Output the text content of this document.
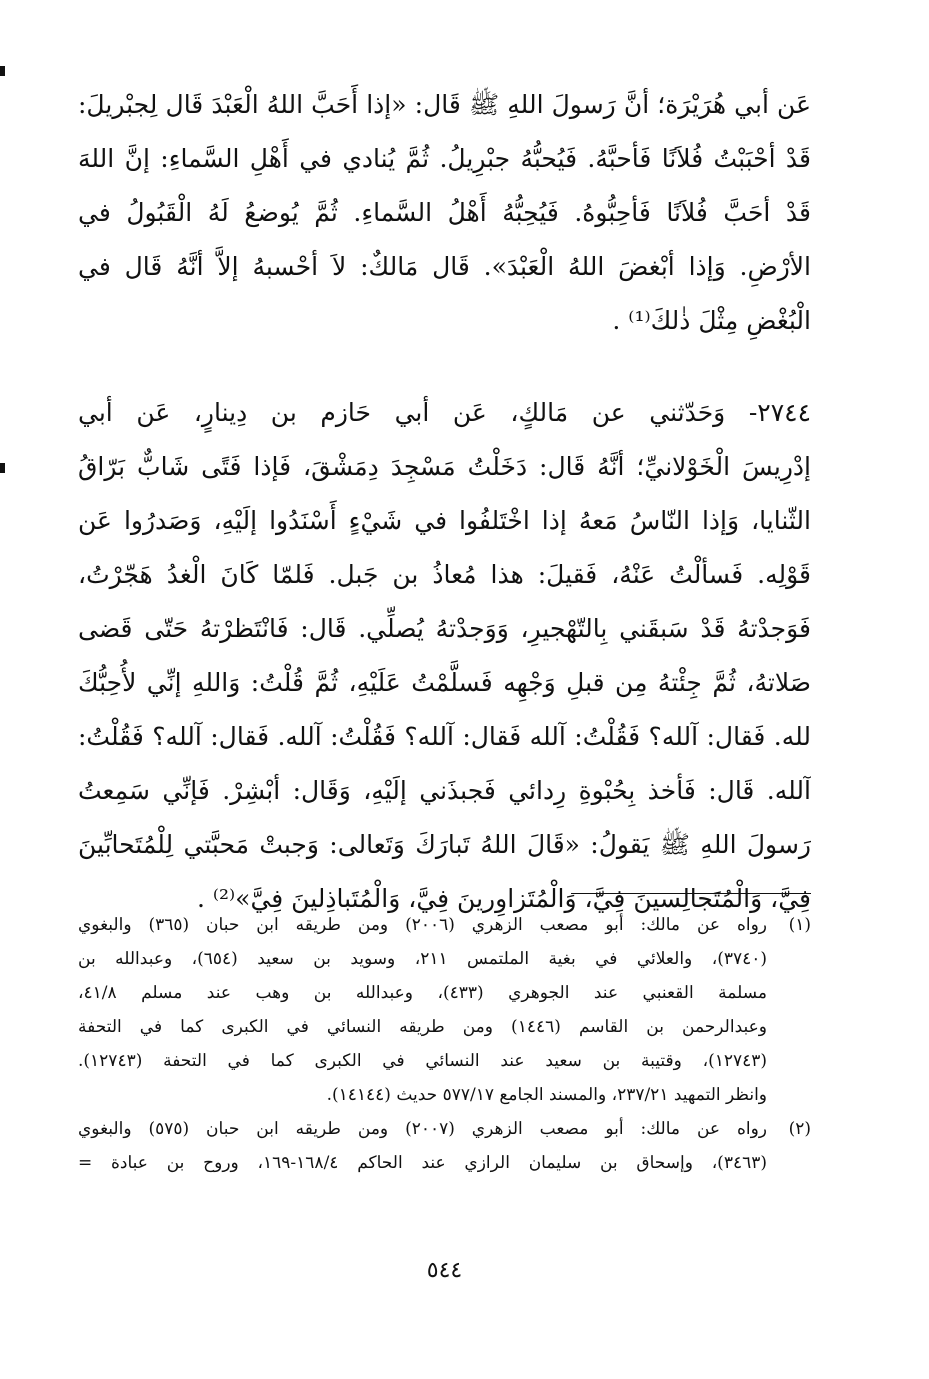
عَن أبي هُرَيْرَة؛ أنَّ رَسولَ اللهِ ﷺ قَال: «إذا أَحَبَّ اللهُ الْعَبْدَ قَال لِجبْريلَ:
قَدْ أحْبَبْتُ فُلاَنًا فَأحبَّهُ. فَيُحبُّهُ جبْرِيلُ. ثُمَّ يُنادي في أَهْلِ السَّماءِ: إنَّ اللهَ
قَدْ أحَبَّ فُلاَنًا فَأحِبُّوهُ. فَيُحِبُّهُ أَهْلُ السَّماءِ. ثُمَّ يُوضعُ لَهُ الْقَبُولُ في
الأرْضِ. وَإذا أبْغضَ اللهُ الْعَبْدَ». قَال مَالكٌ: لاَ أحْسبهُ إلاَّ أنَّهُ قَال في
الْبُغْضِ مِثْلَ ذٰلكَ⁽¹⁾ .
٢٧٤٤- وَحَدّثني عن مَالكٍ، عَن أبي حَازم بن دِينارٍ، عَن أبي
إدْرِيسَ الْخَوْلانيِّ؛ أنَّهُ قَال: دَخَلْتُ مَسْجِدَ دِمَشْقَ، فَإذا فَتًى شَابٌّ بَرّاقُ
الثّنايا، وَإذا النّاسُ مَعهُ إذا اخْتَلفُوا في شَيْءٍ أَسْنَدُوا إلَيْهِ، وَصَدرُوا عَن
قَوْلِه. فَسألْتُ عَنْهُ، فَقيلَ: هذا مُعاذُ بن جَبل. فَلمّا كَانَ الْغدُ هَجّرْتُ،
فَوَجدْتهُ قَدْ سَبقَني بِالتّهْجيرِ، وَوَجدْتهُ يُصلِّي. قَال: فَانْتَظرْتهُ حَتّى قَضى
صَلاتهُ، ثُمَّ جِئْتهُ مِن قبلِ وَجْهِه فَسلَّمْتُ عَلَيْهِ، ثُمَّ قُلْتُ: وَاللهِ إنِّي لأُحِبُّكَ
لله. فَقال: آلله؟ فَقُلْتُ: آلله فَقال: آلله؟ فَقُلْتُ: آلله. فَقال: آلله؟ فَقُلْتُ:
آلله. قَال: فَأخذ بِحُبْوةِ رِدائي فَجبذَني إلَيْهِ، وَقَال: أبْشِرْ. فَإنِّي سَمِعتُ
رَسولَ اللهِ ﷺ يَقولُ: «قَالَ اللهُ تَبارَكَ وَتَعالى: وَجبتْ مَحبَّتي لِلْمُتَحابِّينَ
فِيَّ، وَالْمُتَجالِسينَ فِيَّ، وَالْمُتَزاوِرينَ فِيَّ، وَالْمُتَباذِلينَ فِيَّ»⁽²⁾ .
(١)
رواه عن مالك: أبو مصعب الزهري (٢٠٠٦) ومن طريقه ابن حبان (٣٦٥) والبغوي
(٣٧٤٠)، والعلائي في بغية الملتمس ٢١١، وسويد بن سعيد (٦٥٤)، وعبدالله بن
مسلمة القعنبي عند الجوهري (٤٣٣)، وعبدالله بن وهب عند مسلم ٤١/٨،
وعبدالرحمن بن القاسم (١٤٤٦) ومن طريقه النسائي في الكبرى كما في التحفة
(١٢٧٤٣)، وقتيبة بن سعيد عند النسائي في الكبرى كما في التحفة (١٢٧٤٣).
وانظر التمهيد ٢٣٧/٢١، والمسند الجامع ٥٧٧/١٧ حديث (١٤١٤٤).
(٢)
رواه عن مالك: أبو مصعب الزهري (٢٠٠٧) ومن طريقه ابن حبان (٥٧٥) والبغوي
(٣٤٦٣)، وإسحاق بن سليمان الرازي عند الحاكم ١٦٨/٤-١٦٩، وروح بن عبادة =
٥٤٤
